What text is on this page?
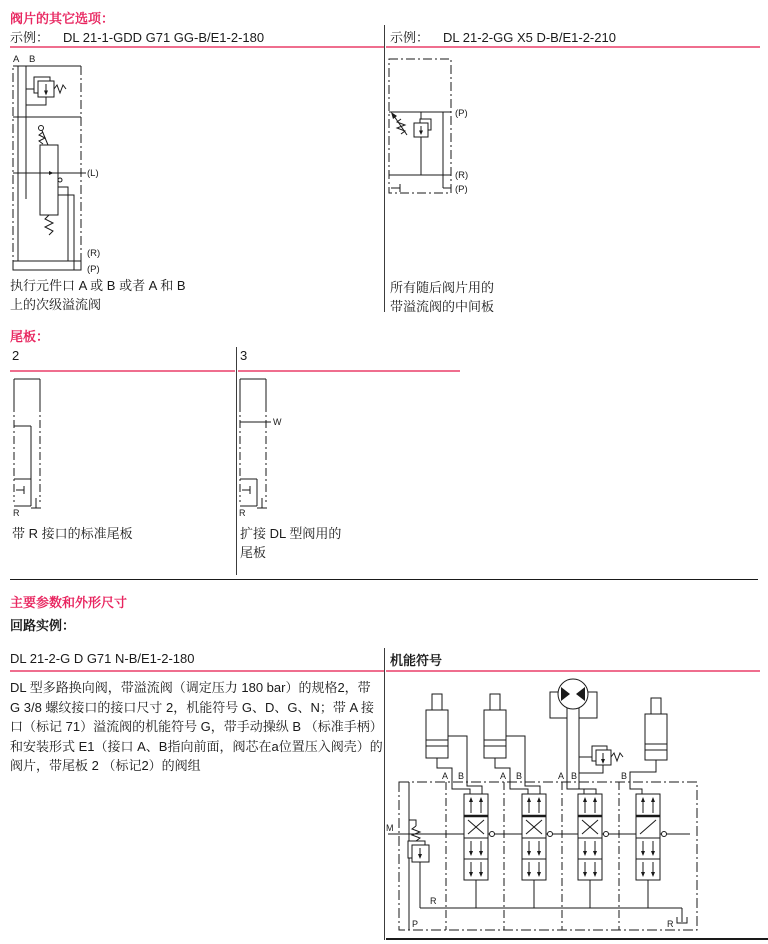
阀片的其它选项：
示例： DL 21-1-GDD G71 GG-B/E1-2-180	示例： DL 21-2-GG X5 D-B/E1-2-210
A B
(L)
(R)
(P)
(P)
(R)
(P)
执行元件口 A 或 B 或者 A 和 B
上的次级溢流阀
所有随后阀片用的
带溢流阀的中间板
尾板：
2	3
R
W
R
带 R 接口的标准尾板	扩接 DL 型阀用的
尾板
主要参数和外形尺寸
回路实例：
DL 21-2-G D G71 N-B/E1-2-180	机能符号
DL 型多路换向阀，带溢流阀（调定压力 180 bar）的规格2，带 G 3/8 螺纹接口的接口尺寸 2，机能符号 G、D、G、N；带 A 接口（标记 71）溢流阀的机能符号 G，带手动操纵 B （标准手柄）和安装形式 E1（接口 A、B指向前面，阀芯在a位置压入阀壳）的阀片，带尾板 2 （标记2）的阀组
A B	A B	A B	B
M
R
P	R
